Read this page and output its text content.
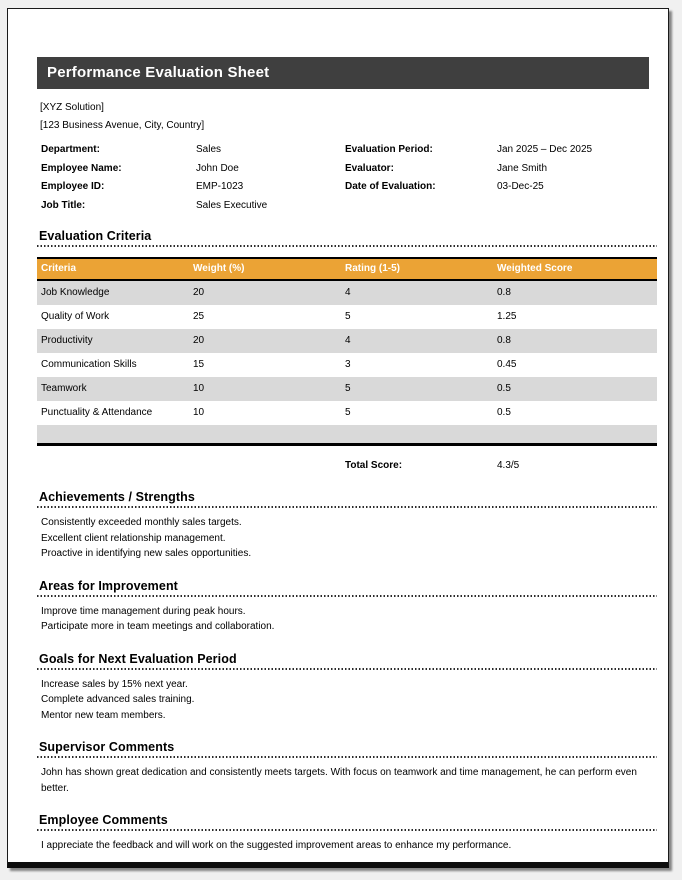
Performance Evaluation Sheet
[XYZ Solution]
[123 Business Avenue, City, Country]
Department:	Sales	Evaluation Period:	Jan 2025 – Dec 2025
Employee Name:	John Doe	Evaluator:	Jane Smith
Employee ID:	EMP-1023	Date of Evaluation:	03-Dec-25
Job Title:	Sales Executive
Evaluation Criteria
Criteria	Weight (%)	Rating (1-5)	Weighted Score
Job Knowledge	20	4	0.8
Quality of Work	25	5	1.25
Productivity	20	4	0.8
Communication Skills	15	3	0.45
Teamwork	10	5	0.5
Punctuality & Attendance	10	5	0.5
Total Score:	4.3/5
Achievements / Strengths
Consistently exceeded monthly sales targets.
Excellent client relationship management.
Proactive in identifying new sales opportunities.
Areas for Improvement
Improve time management during peak hours.
Participate more in team meetings and collaboration.
Goals for Next Evaluation Period
Increase sales by 15% next year.
Complete advanced sales training.
Mentor new team members.
Supervisor Comments
John has shown great dedication and consistently meets targets. With focus on teamwork and time management, he can perform even better.
Employee Comments
I appreciate the feedback and will work on the suggested improvement areas to enhance my performance.
